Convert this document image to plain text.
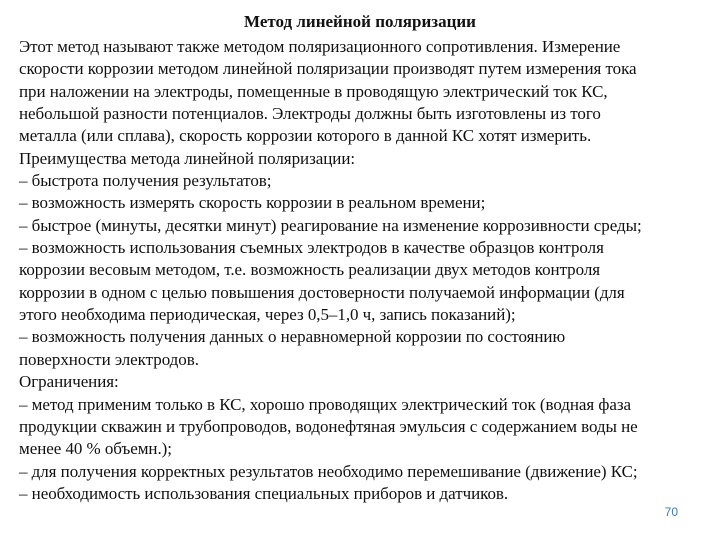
Метод линейной поляризации
Этот метод называют также методом поляризационного сопротивления. Измерение
скорости коррозии методом линейной поляризации производят путем измерения тока
при наложении на электроды, помещенные в проводящую электрический ток КС,
небольшой разности потенциалов. Электроды должны быть изготовлены из того
металла (или сплава), скорость коррозии которого в данной КС хотят измерить.
Преимущества метода линейной поляризации:
– быстрота получения результатов;
– возможность измерять скорость коррозии в реальном времени;
– быстрое (минуты, десятки минут) реагирование на изменение коррозивности среды;
– возможность использования съемных электродов в качестве образцов контроля
коррозии весовым методом, т.е. возможность реализации двух методов контроля
коррозии в одном с целью повышения достоверности получаемой информации (для
этого необходима периодическая, через 0,5–1,0 ч, запись показаний);
– возможность получения данных о неравномерной коррозии по состоянию
поверхности электродов.
Ограничения:
– метод применим только в КС, хорошо проводящих электрический ток (водная фаза
продукции скважин и трубопроводов, водонефтяная эмульсия с содержанием воды не
менее 40 % объемн.);
– для получения корректных результатов необходимо перемешивание (движение) КС;
– необходимость использования специальных приборов и датчиков.
70
